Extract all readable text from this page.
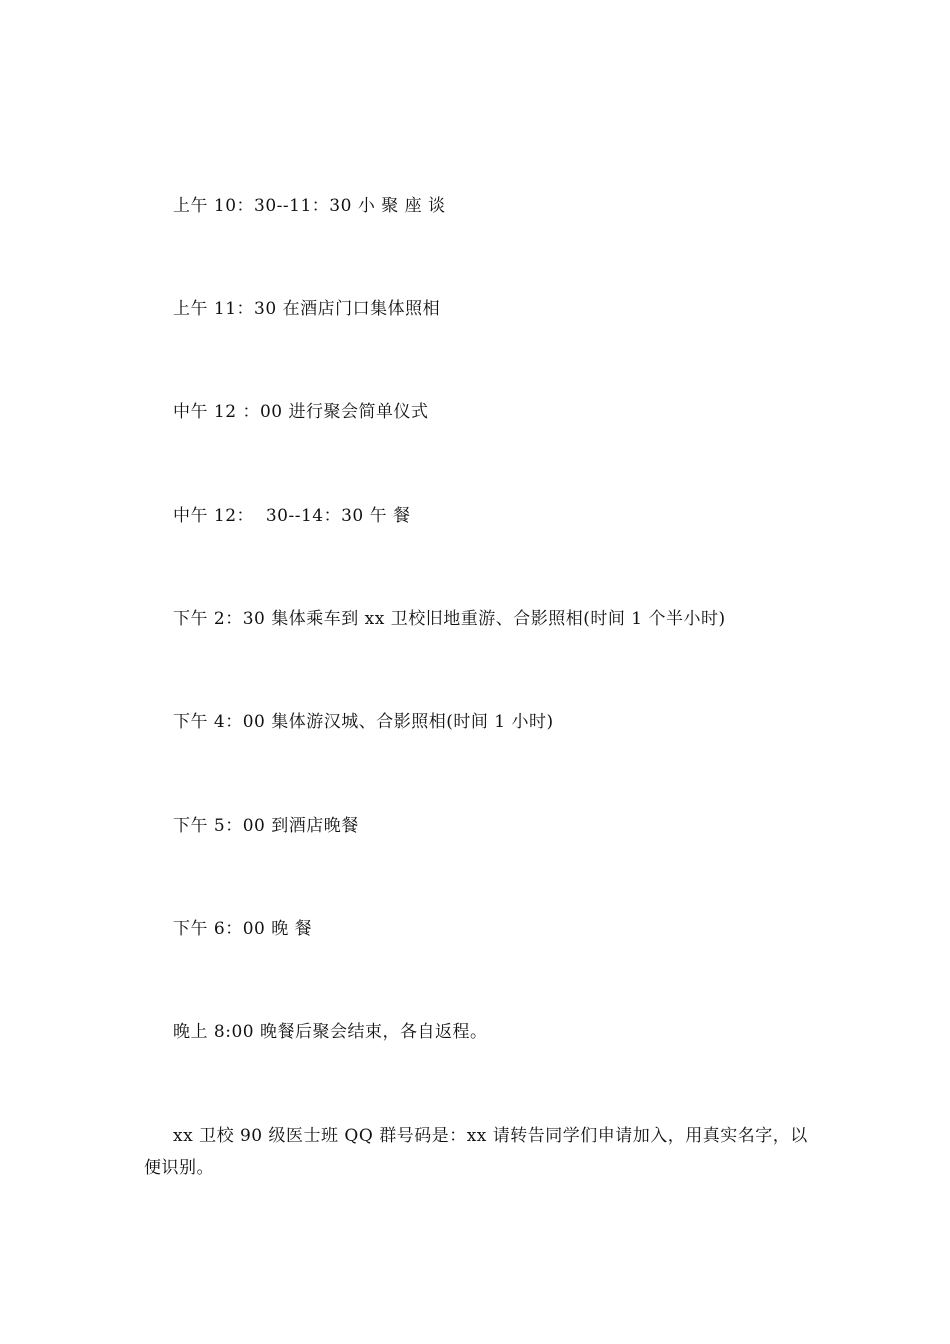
上午 10：30--11：30 小 聚 座 谈
上午 11：30 在酒店门口集体照相
中午 12 ：00 进行聚会简单仪式
中午 12：  30--14：30 午 餐
下午 2：30 集体乘车到 xx 卫校旧地重游、合影照相(时间 1 个半小时)
下午 4：00 集体游汉城、合影照相(时间 1 小时)
下午 5：00 到酒店晚餐
下午 6：00 晚 餐
晚上 8:00 晚餐后聚会结束，各自返程。
xx 卫校 90 级医士班 QQ 群号码是：xx 请转告同学们申请加入，用真实名字，以便识别。
